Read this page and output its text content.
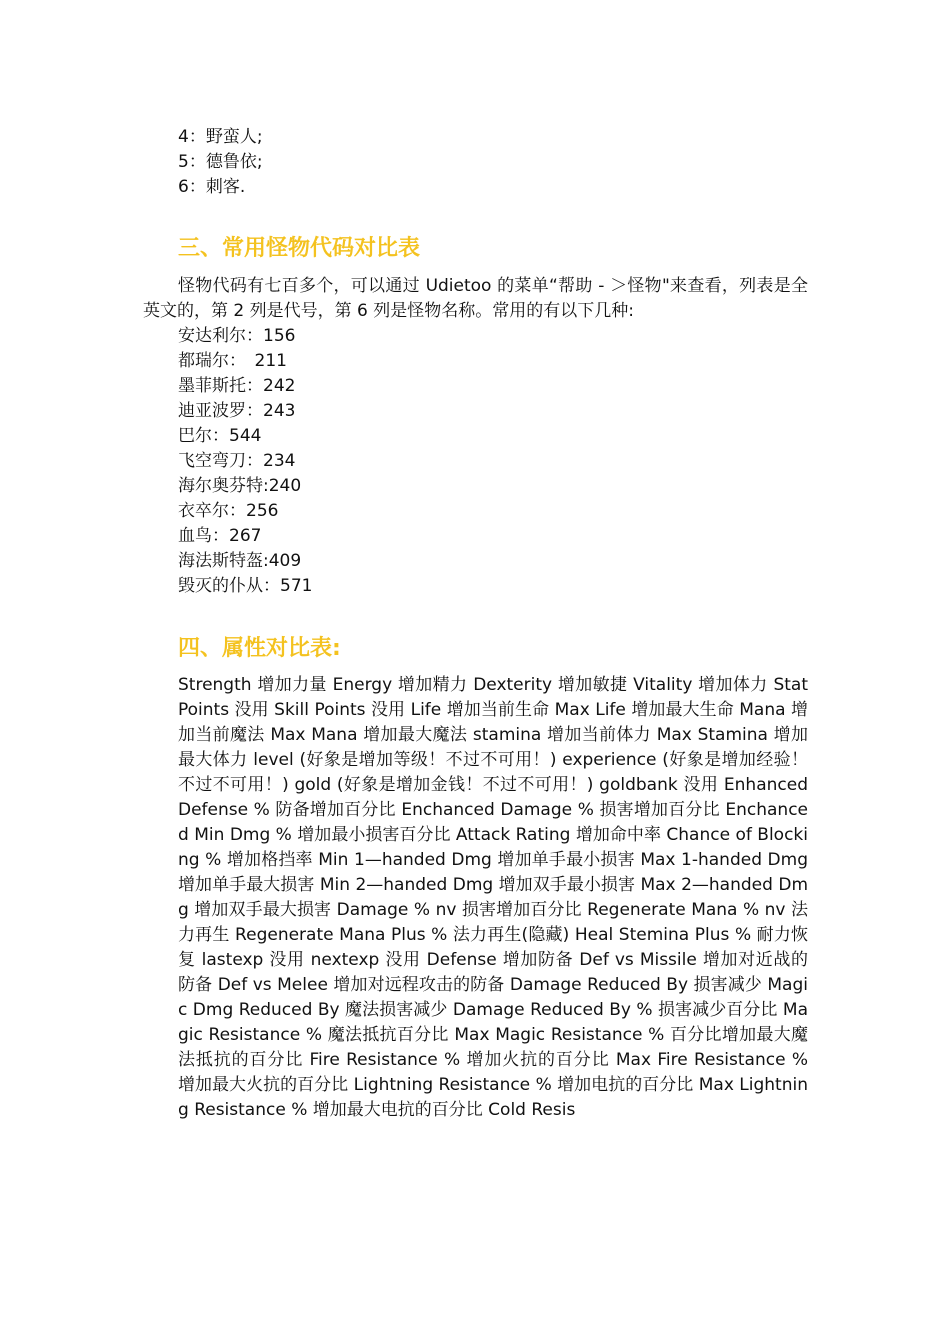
4：野蛮人;
5：德鲁依;
6：刺客.
三、常用怪物代码对比表
怪物代码有七百多个，可以通过 Udietoo 的菜单“帮助 - ＞怪物"来查看，列表是全英文的，第 2 列是代号，第 6 列是怪物名称。常用的有以下几种:
安达利尔：156
都瑞尔：　211
墨菲斯托：242
迪亚波罗：243
巴尔：544
飞空弯刀：234
海尔奥芬特:240
衣卒尔：256
血鸟：267
海法斯特盔:409
毁灭的仆从：571
四、属性对比表:
Strength 增加力量 Energy 增加精力 Dexterity 增加敏捷 Vitality 增加体力 Stat Points 没用 Skill Points 没用 Life 增加当前生命 Max Life 增加最大生命 Mana 增加当前魔法 Max Mana 增加最大魔法 stamina 增加当前体力 Max Stamina 增加最大体力 level (好象是增加等级！不过不可用！) experience (好象是增加经验！不过不可用！) gold (好象是增加金钱！不过不可用！) goldbank 没用 Enhanced Defense % 防备增加百分比 Enchanced Damage % 损害增加百分比 Enchanced Min Dmg % 增加最小损害百分比 Attack Rating 增加命中率 Chance of Blocking % 增加格挡率 Min 1—handed Dmg 增加单手最小损害 Max 1-handed Dmg 增加单手最大损害 Min 2—handed Dmg 增加双手最小损害 Max 2—handed Dmg 增加双手最大损害 Damage % nv 损害增加百分比 Regenerate Mana % nv 法力再生 Regenerate Mana Plus % 法力再生(隐藏) Heal Stemina Plus % 耐力恢复 lastexp 没用 nextexp 没用 Defense 增加防备 Def vs Missile 增加对近战的防备 Def vs Melee 增加对远程攻击的防备 Damage Reduced By 损害减少 Magic Dmg Reduced By 魔法损害减少 Damage Reduced By % 损害减少百分比 Magic Resistance % 魔法抵抗百分比 Max Magic Resistance % 百分比增加最大魔法抵抗的百分比 Fire Resistance % 增加火抗的百分比 Max Fire Resistance % 增加最大火抗的百分比 Lightning Resistance % 增加电抗的百分比 Max Lightning Resistance % 增加最大电抗的百分比 Cold Resis
